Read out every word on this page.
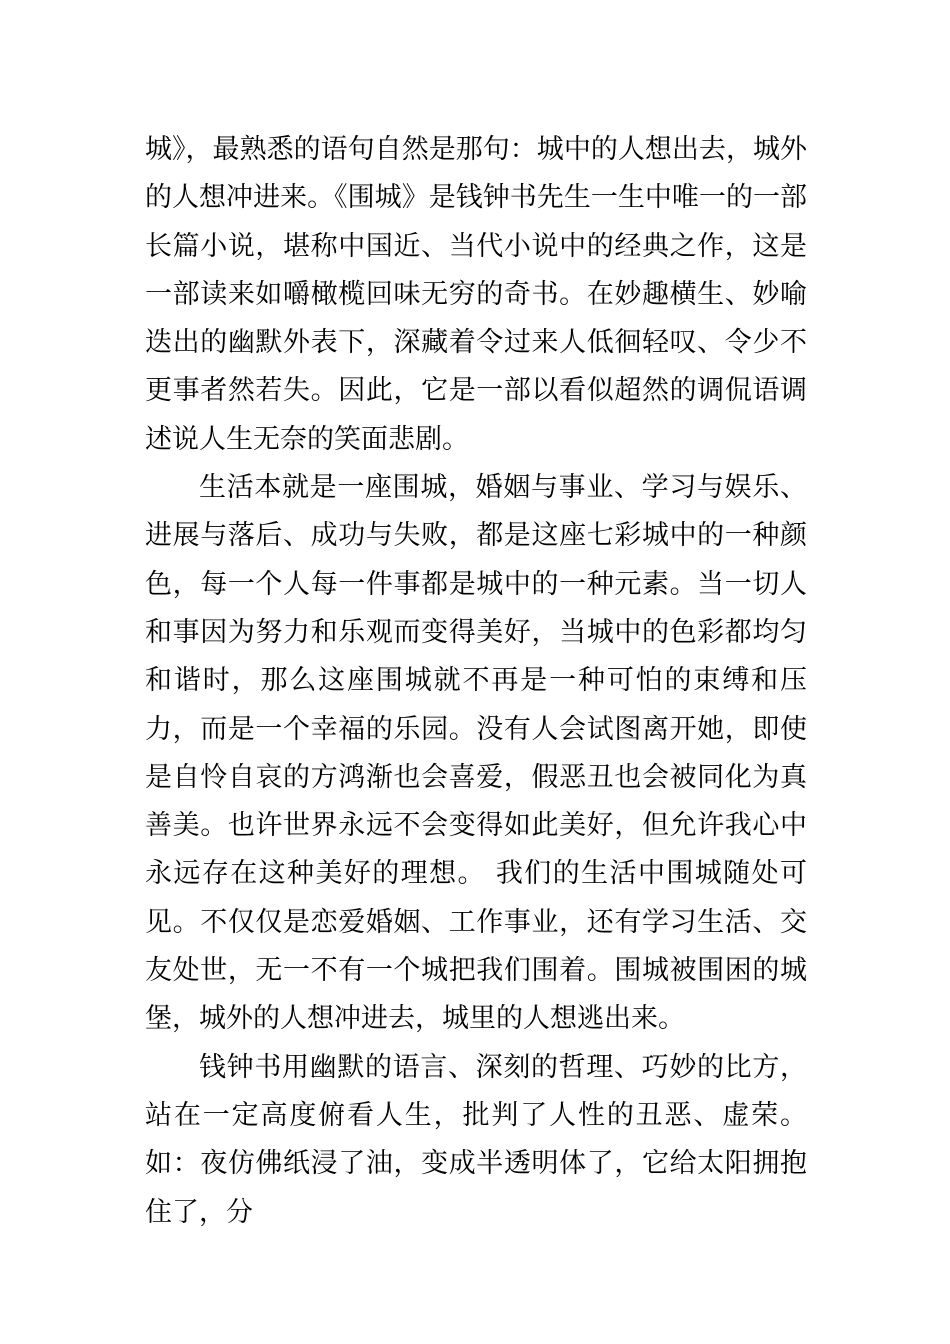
城》，最熟悉的语句自然是那句：城中的人想出去，城外的人想冲进来。《围城》是钱钟书先生一生中唯一的一部长篇小说，堪称中国近、当代小说中的经典之作，这是一部读来如嚼橄榄回味无穷的奇书。在妙趣横生、妙喻迭出的幽默外表下，深藏着令过来人低徊轻叹、令少不更事者然若失。因此，它是一部以看似超然的调侃语调述说人生无奈的笑面悲剧。

生活本就是一座围城，婚姻与事业、学习与娱乐、进展与落后、成功与失败，都是这座七彩城中的一种颜色，每一个人每一件事都是城中的一种元素。当一切人和事因为努力和乐观而变得美好，当城中的色彩都均匀和谐时，那么这座围城就不再是一种可怕的束缚和压力，而是一个幸福的乐园。没有人会试图离开她，即使是自怜自哀的方鸿渐也会喜爱，假恶丑也会被同化为真善美。也许世界永远不会变得如此美好，但允许我心中永远存在这种美好的理想。 我们的生活中围城随处可见。不仅仅是恋爱婚姻、工作事业，还有学习生活、交友处世，无一不有一个城把我们围着。围城被围困的城堡，城外的人想冲进去，城里的人想逃出来。

钱钟书用幽默的语言、深刻的哲理、巧妙的比方，站在一定高度俯看人生，批判了人性的丑恶、虚荣。如：夜仿佛纸浸了油，变成半透明体了，它给太阳拥抱住了，分
